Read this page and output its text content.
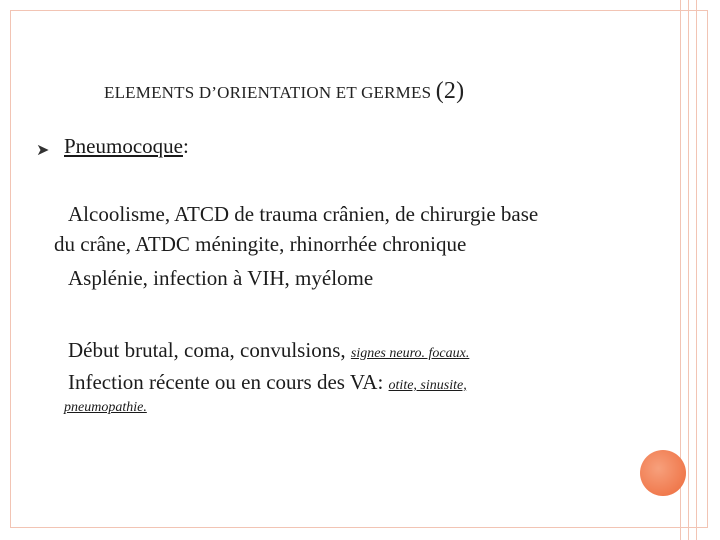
ELEMENTS D’ORIENTATION ET GERMES (2)
➤ Pneumocoque:
Alcoolisme, ATCD de trauma crânien, de chirurgie base
du crâne, ATDC méningite, rhinorrhée chronique
Asplénie, infection à VIH, myélome
Début brutal, coma, convulsions, signes neuro. focaux.
Infection récente ou en cours des VA: otite, sinusite,
pneumopathie.
